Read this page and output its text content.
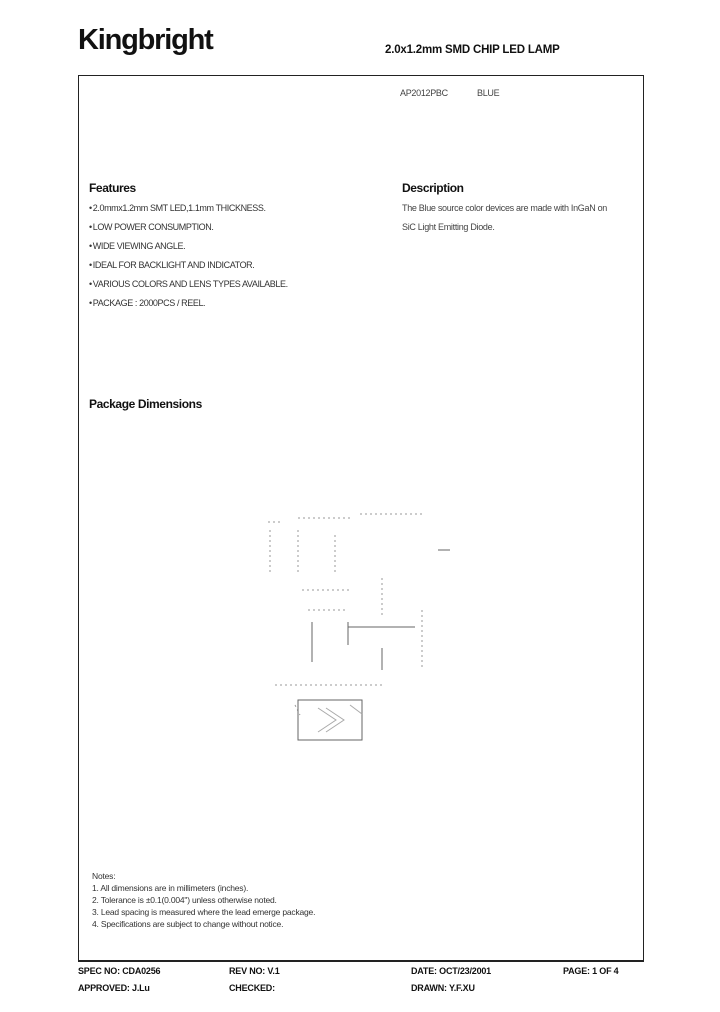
Kingbright	2.0x1.2mm SMD CHIP LED LAMP
AP2012PBC	BLUE
Features
• 2.0mmx1.2mm SMT LED,1.1mm THICKNESS.
• LOW POWER CONSUMPTION.
• WIDE VIEWING ANGLE.
• IDEAL FOR BACKLIGHT AND INDICATOR.
• VARIOUS COLORS AND LENS TYPES AVAILABLE.
• PACKAGE : 2000PCS / REEL.
Description
The Blue source color devices are made with InGaN on
SiC Light Emitting Diode.
Package Dimensions
Notes:
1. All dimensions are in millimeters (inches).
2. Tolerance is ±0.1(0.004") unless otherwise noted.
3. Lead spacing is measured where the lead emerge package.
4. Specifications are subject to change without notice.
SPEC NO: CDA0256	REV NO: V.1	DATE: OCT/23/2001	PAGE: 1 OF 4
APPROVED: J.Lu	CHECKED:	DRAWN: Y.F.XU
